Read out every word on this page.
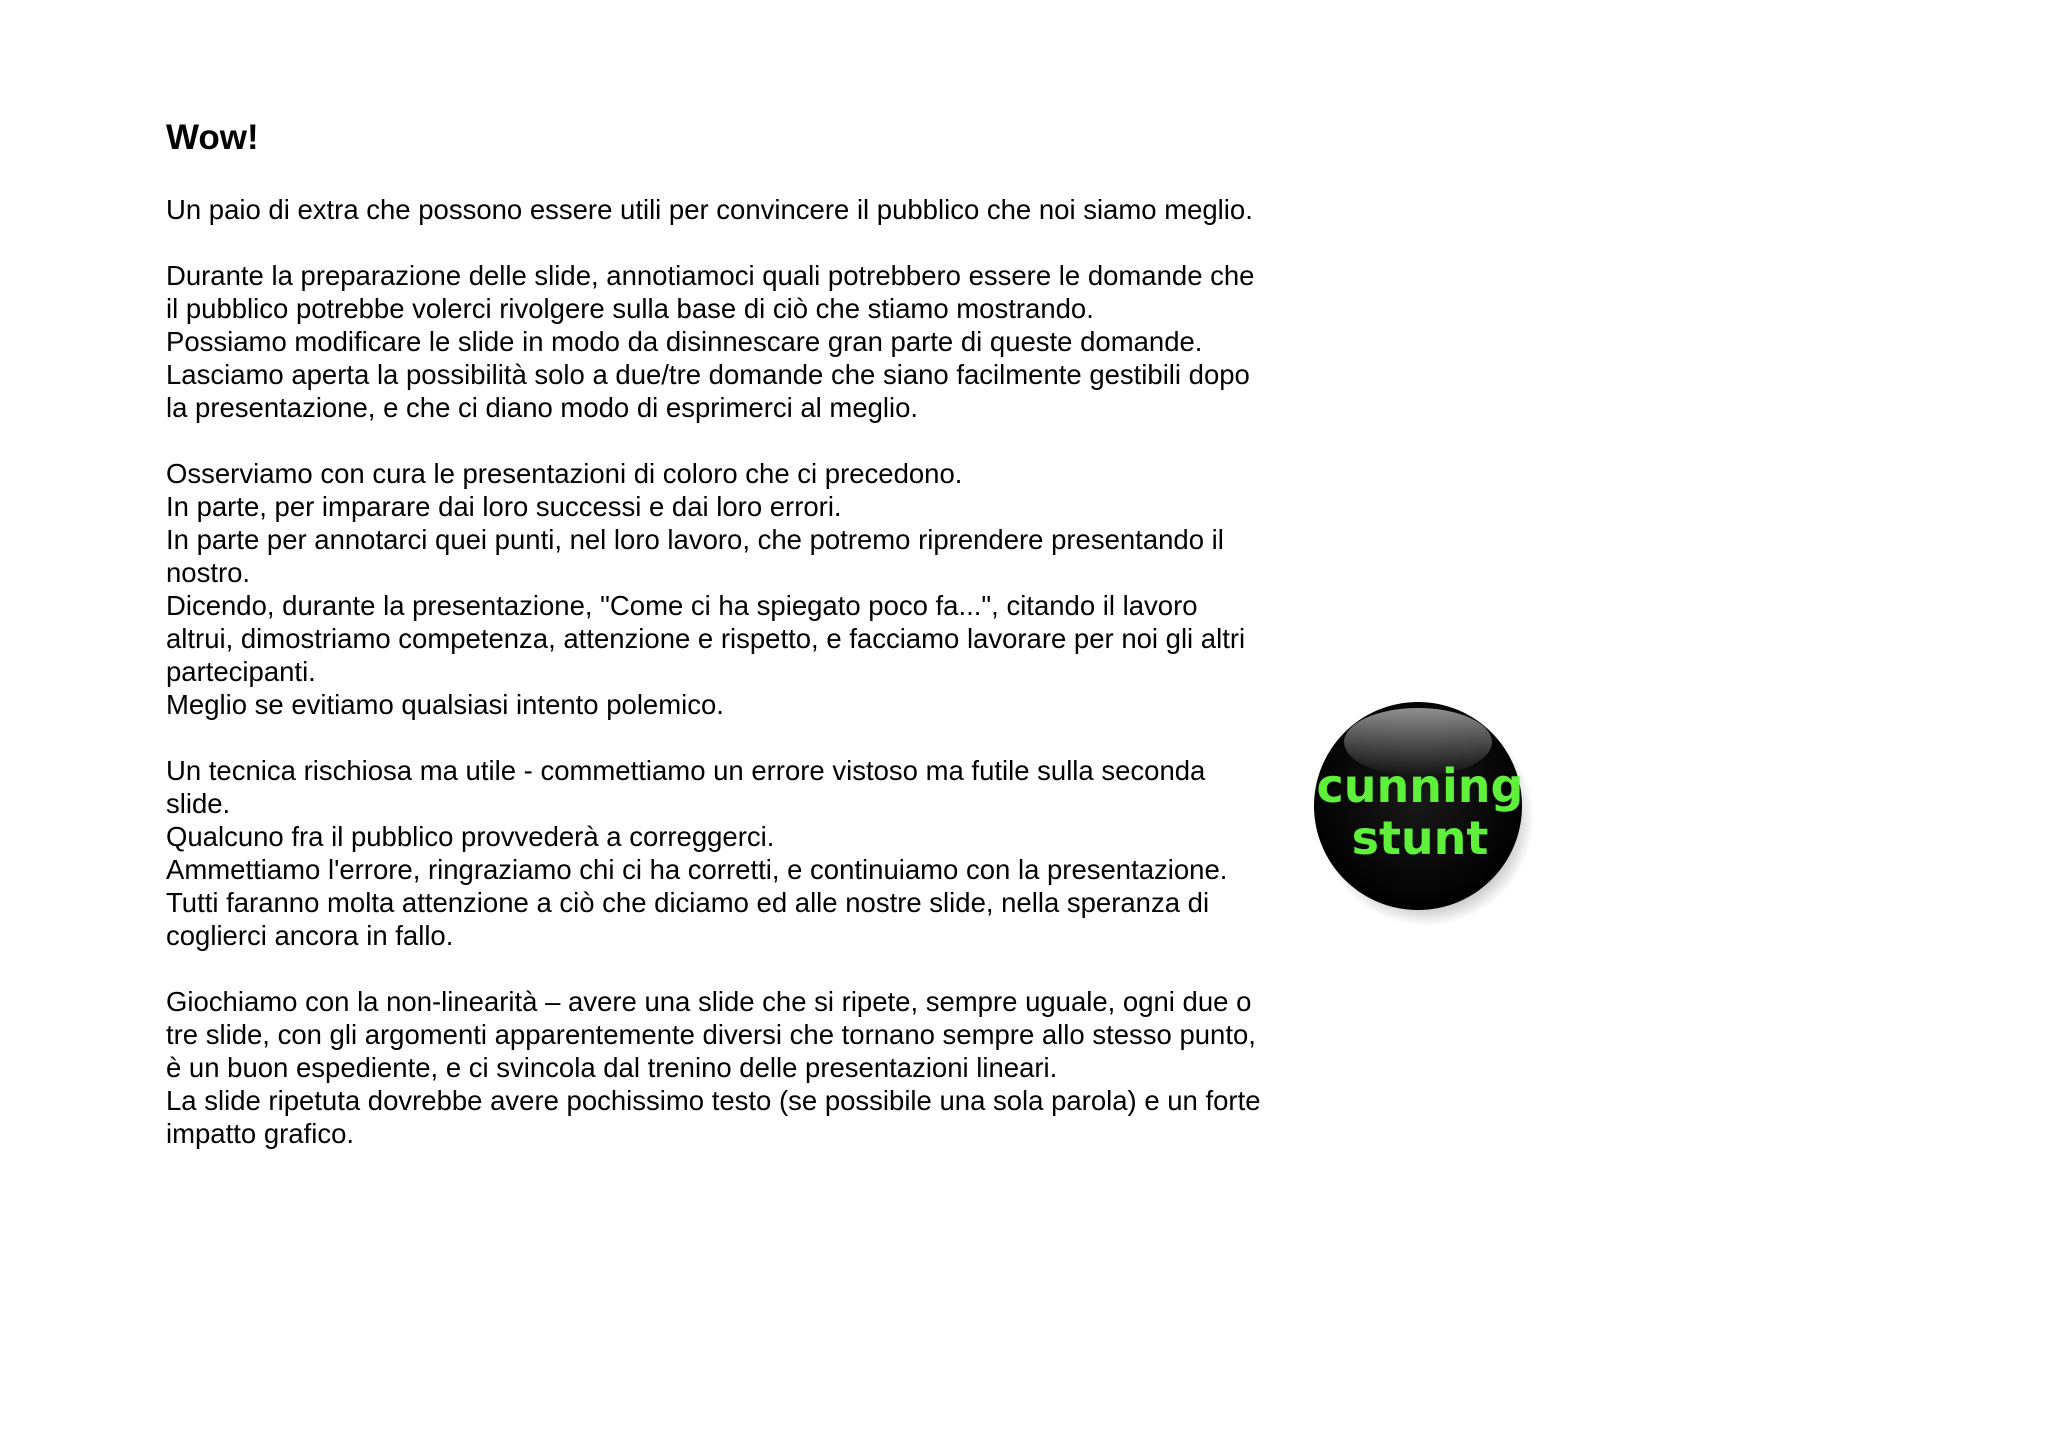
Wow!

Un paio di extra che possono essere utili per convincere il pubblico che noi siamo meglio.

Durante la preparazione delle slide, annotiamoci quali potrebbero essere le domande che
il pubblico potrebbe volerci rivolgere sulla base di ciò che stiamo mostrando.
Possiamo modificare le slide in modo da disinnescare gran parte di queste domande.
Lasciamo aperta la possibilità solo a due/tre domande che siano facilmente gestibili dopo
la presentazione, e che ci diano modo di esprimerci al meglio.

Osserviamo con cura le presentazioni di coloro che ci precedono.
In parte, per imparare dai loro successi e dai loro errori.
In parte per annotarci quei punti, nel loro lavoro, che potremo riprendere presentando il
nostro.
Dicendo, durante la presentazione, "Come ci ha spiegato poco fa...", citando il lavoro
altrui, dimostriamo competenza, attenzione e rispetto, e facciamo lavorare per noi gli altri
partecipanti.
Meglio se evitiamo qualsiasi intento polemico.

Un tecnica rischiosa ma utile - commettiamo un errore vistoso ma futile sulla seconda
slide.
Qualcuno fra il pubblico provvederà a correggerci.
Ammettiamo l'errore, ringraziamo chi ci ha corretti, e continuiamo con la presentazione.
Tutti faranno molta attenzione a ciò che diciamo ed alle nostre slide, nella speranza di
coglierci ancora in fallo.

Giochiamo con la non-linearità – avere una slide che si ripete, sempre uguale, ogni due o
tre slide, con gli argomenti apparentemente diversi che tornano sempre allo stesso punto,
è un buon espediente, e ci svincola dal trenino delle presentazioni lineari.
La slide ripetuta dovrebbe avere pochissimo testo (se possibile una sola parola) e un forte
impatto grafico.

cunning
stunt
